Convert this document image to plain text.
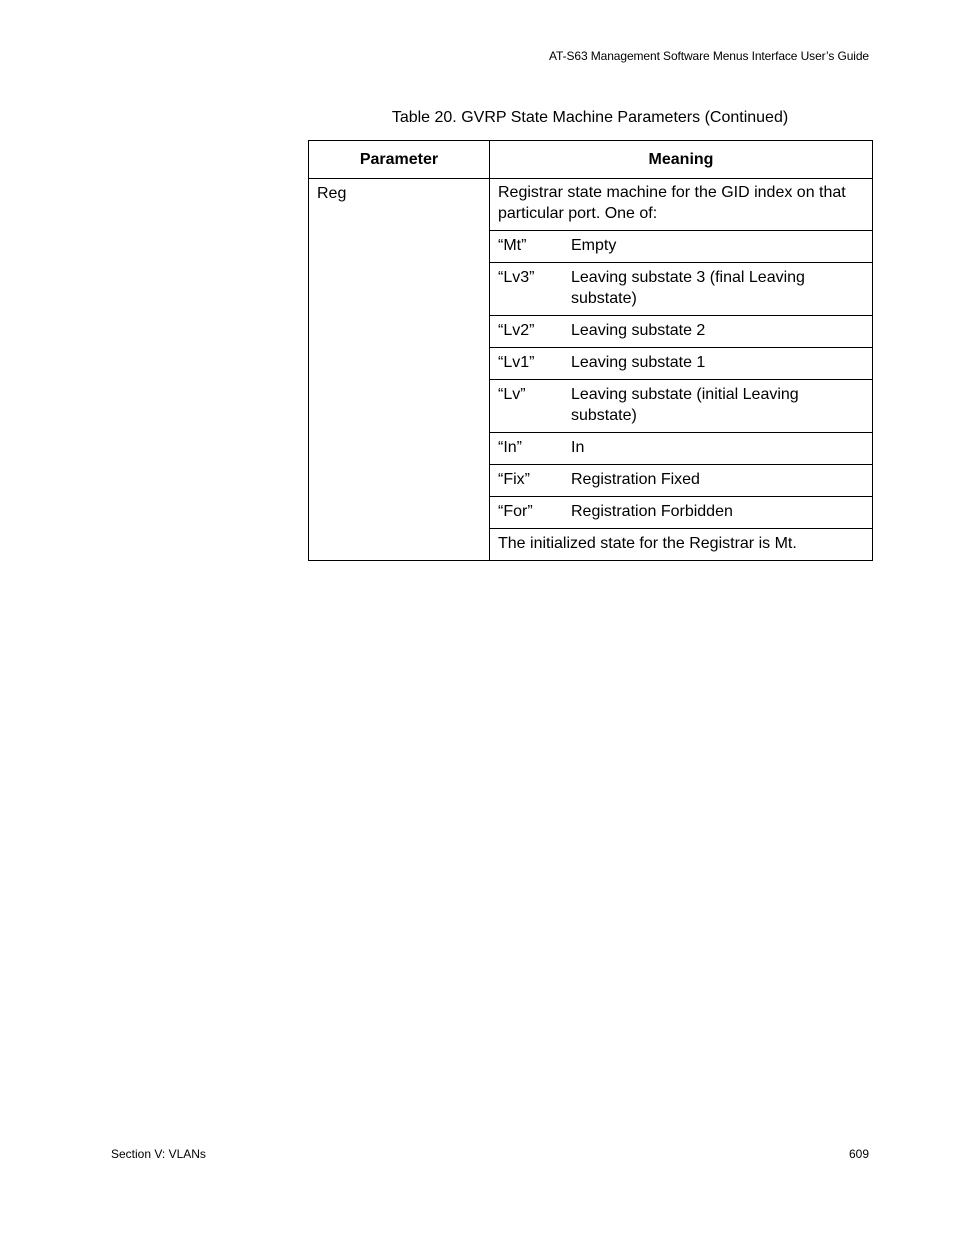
AT-S63 Management Software Menus Interface User’s Guide
Table 20. GVRP State Machine Parameters (Continued)
Parameter	Meaning
Reg	Registrar state machine for the GID index on that particular port. One of:

	“Mt” Empty

	“Lv3” Leaving substate 3 (final Leaving substate)

	“Lv2” Leaving substate 2

	“Lv1” Leaving substate 1

	“Lv” Leaving substate (initial Leaving substate)

	“In” In

	“Fix” Registration Fixed

	“For” Registration Forbidden

	The initialized state for the Registrar is Mt.
Section V: VLANs	609
